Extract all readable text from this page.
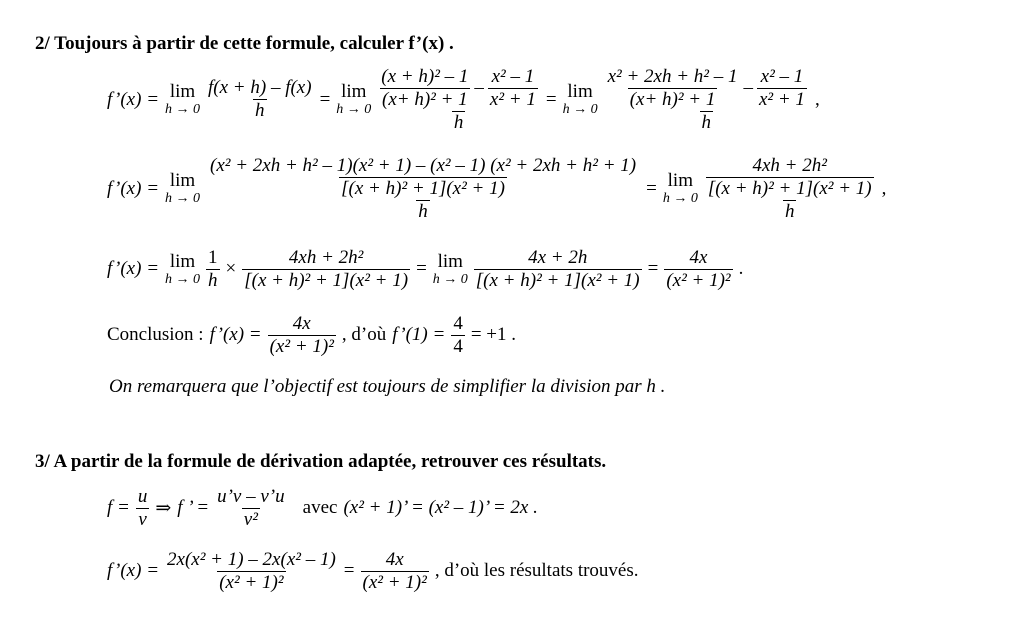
2/ Toujours à partir de cette formule, calculer f’(x) .
f’(x) = lim
$h \to 0 \frac{f(x + h) - f(x)}{h} = \lim$
$h \to 0 \frac{\frac{\text{(x + h)² – 1}}{\text{(x+ h)² + 1}} - \frac{\text{x² – 1}}{\text{x² + 1}}}{h} = \lim$
$h \to 0 \frac{\frac{\text{x² + 2xh + h² – 1}}{\text{(x+ h)² + 1}} - \frac{\text{x² – 1}}{\text{x² + 1}}}{h}$ ,
f’(x) = lim
h → 0
$\frac{\text{(x² + 2xh + h² – 1)(x² + 1) – (x² – 1) (x² + 2xh + h² + 1)}}{\text{[(x + h)² + 1](x² + 1)}}$
h
= lim
$h \to 0 \frac{\frac{\text{4xh + 2h²}}{\text{[(x + h)² + 1](x² + 1)}}}{h}$ ,
f’(x) = lim
$h \to 0 \frac{1}{h} \times \frac{\text{4xh + 2h²}}{\text{[(x + h)² + 1](x² + 1)}} = \lim$
$h \to 0 \frac{4x + 2h}{\text{[(x + h)² + 1](x² + 1)}} = \frac{4x}{\text{(x² + 1)²}}$ .
Conclusion : f’(x) = $\frac{4x}{\text{(x² + 1)²}}$ , d’où f’(1) = $\frac{4}{4} = +1$ .
On remarquera que l’objectif est toujours de simplifier la division par h .
3/ A partir de la formule de dérivation adaptée, retrouver ces résultats.
$f = \frac{u}{v}$ ⇒ f ’ = $\frac{u’v - v’u}{\text{v²}}$ avec (x² + 1)’ = (x² – 1)’ = 2x .
f’(x) = $\frac{\text{2x(x² + 1) – 2x(x² – 1)}}{\text{(x² + 1)²}} = \frac{4x}{\text{(x² + 1)²}}$ , d’où les résultats trouvés.
